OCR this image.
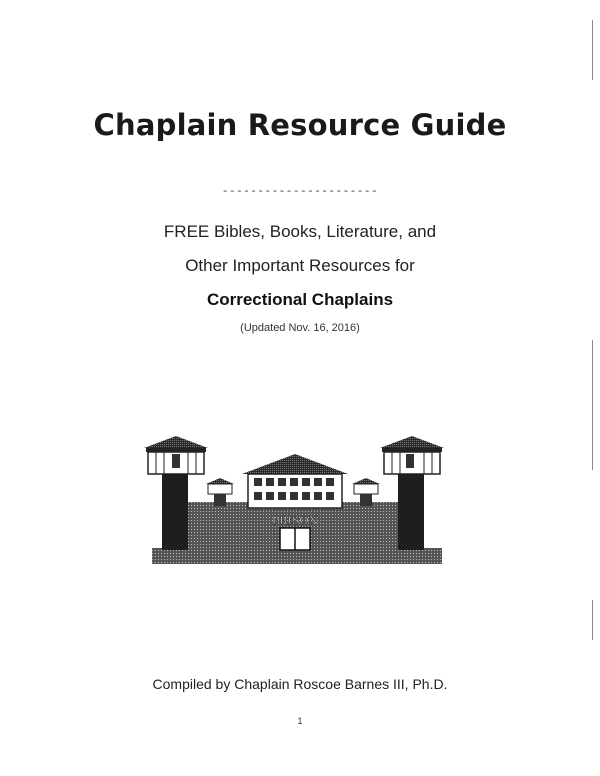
Chaplain Resource Guide
----------------------
FREE Bibles, Books, Literature, and
Other Important Resources for
Correctional Chaplains
(Updated Nov. 16, 2016)
PRISON
Compiled by Chaplain Roscoe Barnes III, Ph.D.
1
